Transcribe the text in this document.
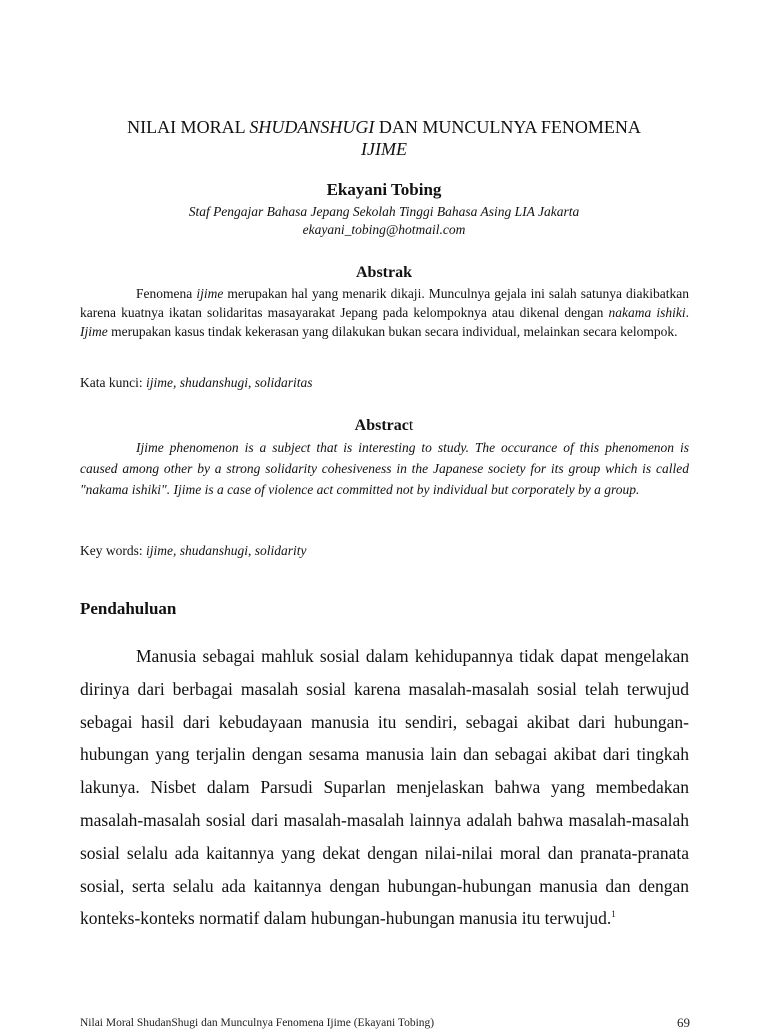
NILAI MORAL SHUDANSHUGI DAN MUNCULNYA FENOMENA
IJIME
Ekayani Tobing
Staf Pengajar Bahasa Jepang Sekolah Tinggi Bahasa Asing LIA Jakarta
ekayani_tobing@hotmail.com
Abstrak
Fenomena ijime merupakan hal yang menarik dikaji. Munculnya gejala ini salah satunya diakibatkan karena kuatnya ikatan solidaritas masayarakat Jepang pada kelompoknya atau dikenal dengan nakama ishiki. Ijime merupakan kasus tindak kekerasan yang dilakukan bukan secara individual, melainkan secara kelompok.
Kata kunci: ijime, shudanshugi, solidaritas
Abstract
Ijime phenomenon is a subject that is interesting to study. The occurance of this phenomenon is caused among other by a strong solidarity cohesiveness in the Japanese society for its group which is called "nakama ishiki". Ijime is a case of violence act committed not by individual but corporately by a group.
Key words: ijime, shudanshugi, solidarity
Pendahuluan
Manusia sebagai mahluk sosial dalam kehidupannya tidak dapat mengelakan dirinya dari berbagai masalah sosial karena masalah-masalah sosial telah terwujud sebagai hasil dari kebudayaan manusia itu sendiri, sebagai akibat dari hubungan-hubungan yang terjalin dengan sesama manusia lain dan sebagai akibat dari tingkah lakunya. Nisbet dalam Parsudi Suparlan menjelaskan bahwa yang membedakan masalah-masalah sosial dari masalah-masalah lainnya adalah bahwa masalah-masalah sosial selalu ada kaitannya yang dekat dengan nilai-nilai moral dan pranata-pranata sosial, serta selalu ada kaitannya dengan hubungan-hubungan manusia dan dengan konteks-konteks normatif dalam hubungan-hubungan manusia itu terwujud.$^1$
Nilai Moral ShudanShugi dan Munculnya Fenomena Ijime (Ekayani Tobing)	69
